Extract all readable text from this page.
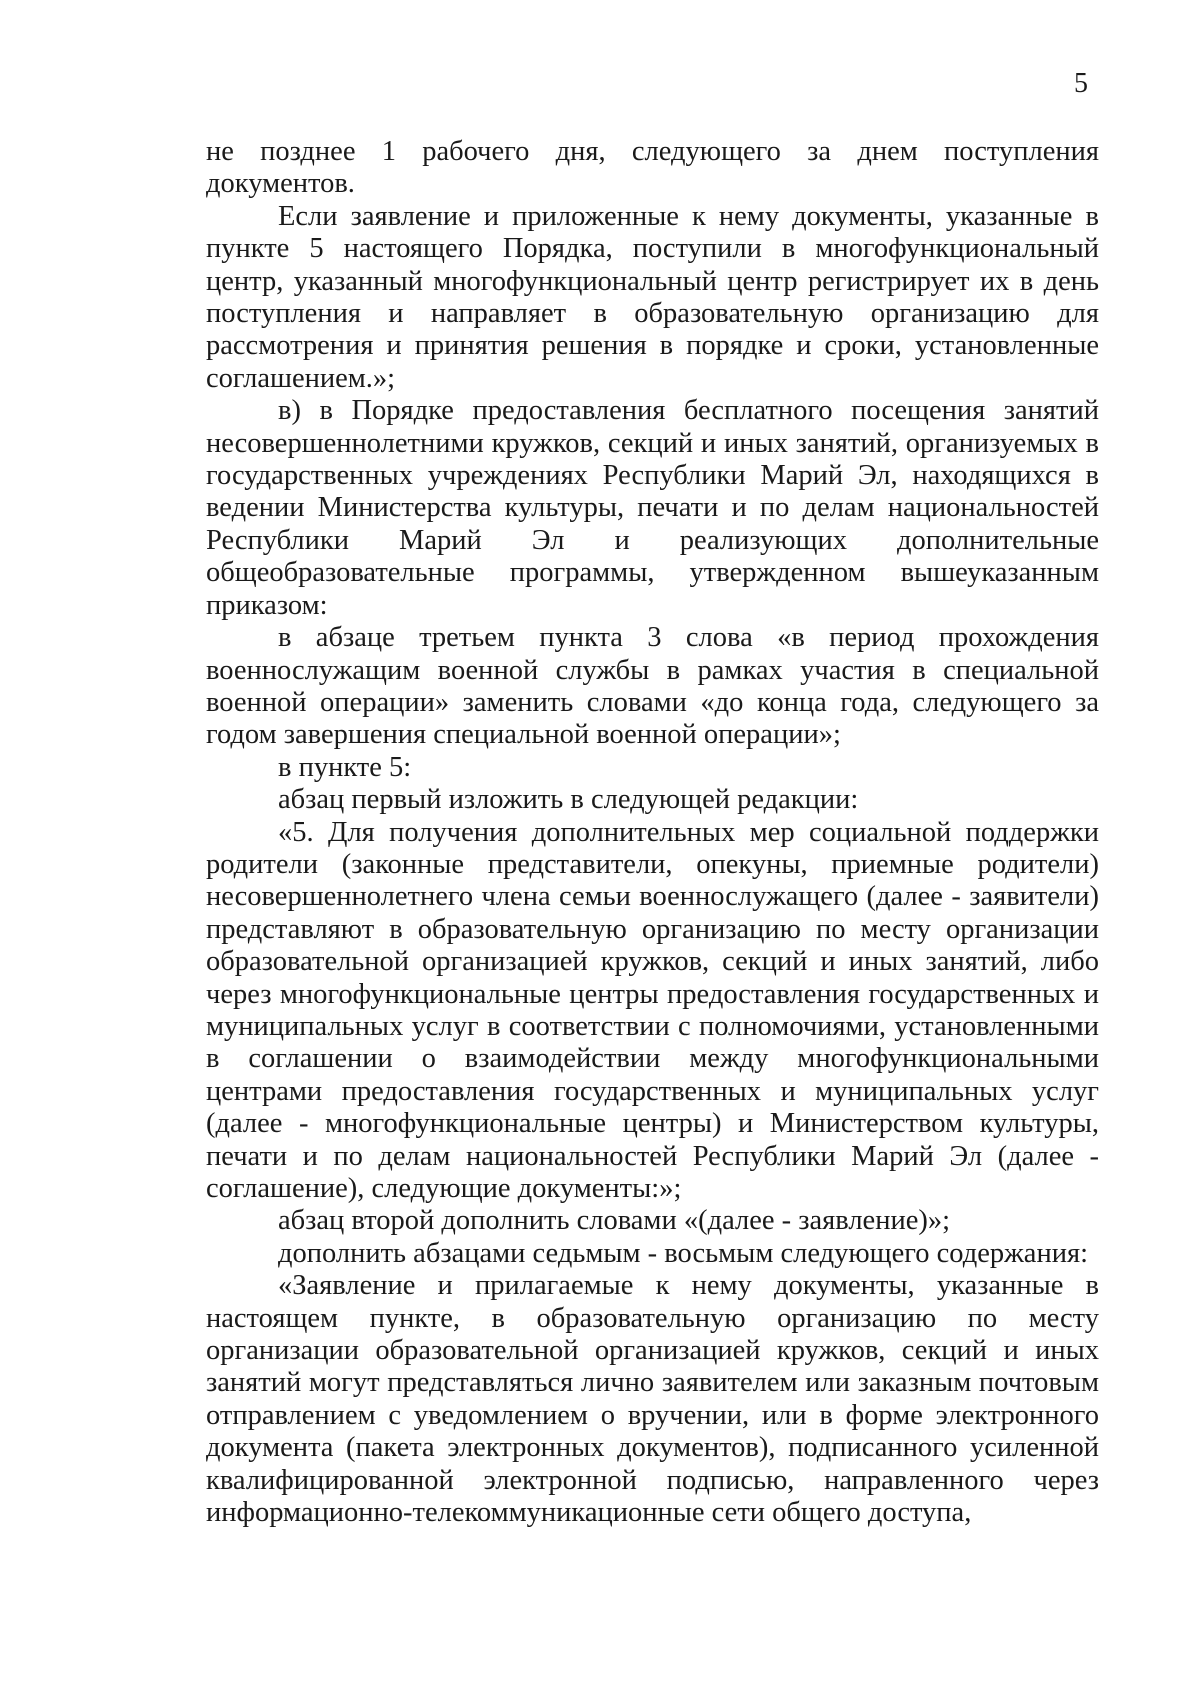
5

не позднее 1 рабочего дня, следующего за днем поступления документов.

Если заявление и приложенные к нему документы, указанные в пункте 5 настоящего Порядка, поступили в многофункциональный центр, указанный многофункциональный центр регистрирует их в день поступления и направляет в образовательную организацию для рассмотрения и принятия решения в порядке и сроки, установленные соглашением.»;

в) в Порядке предоставления бесплатного посещения занятий несовершеннолетними кружков, секций и иных занятий, организуемых в государственных учреждениях Республики Марий Эл, находящихся в ведении Министерства культуры, печати и по делам национальностей Республики Марий Эл и реализующих дополнительные общеобразовательные программы, утвержденном вышеуказанным приказом:

в абзаце третьем пункта 3 слова «в период прохождения военнослужащим военной службы в рамках участия в специальной военной операции» заменить словами «до конца года, следующего за годом завершения специальной военной операции»;

в пункте 5:

абзац первый изложить в следующей редакции:

«5. Для получения дополнительных мер социальной поддержки родители (законные представители, опекуны, приемные родители) несовершеннолетнего члена семьи военнослужащего (далее - заявители) представляют в образовательную организацию по месту организации образовательной организацией кружков, секций и иных занятий, либо через многофункциональные центры предоставления государственных и муниципальных услуг в соответствии с полномочиями, установленными в соглашении о взаимодействии между многофункциональными центрами предоставления государственных и муниципальных услуг (далее - многофункциональные центры) и Министерством культуры, печати и по делам национальностей Республики Марий Эл (далее - соглашение), следующие документы:»;

абзац второй дополнить словами «(далее - заявление)»;

дополнить абзацами седьмым - восьмым следующего содержания:

«Заявление и прилагаемые к нему документы, указанные в настоящем пункте, в образовательную организацию по месту организации образовательной организацией кружков, секций и иных занятий могут представляться лично заявителем или заказным почтовым отправлением с уведомлением о вручении, или в форме электронного документа (пакета электронных документов), подписанного усиленной квалифицированной электронной подписью, направленного через информационно-телекоммуникационные сети общего доступа,
